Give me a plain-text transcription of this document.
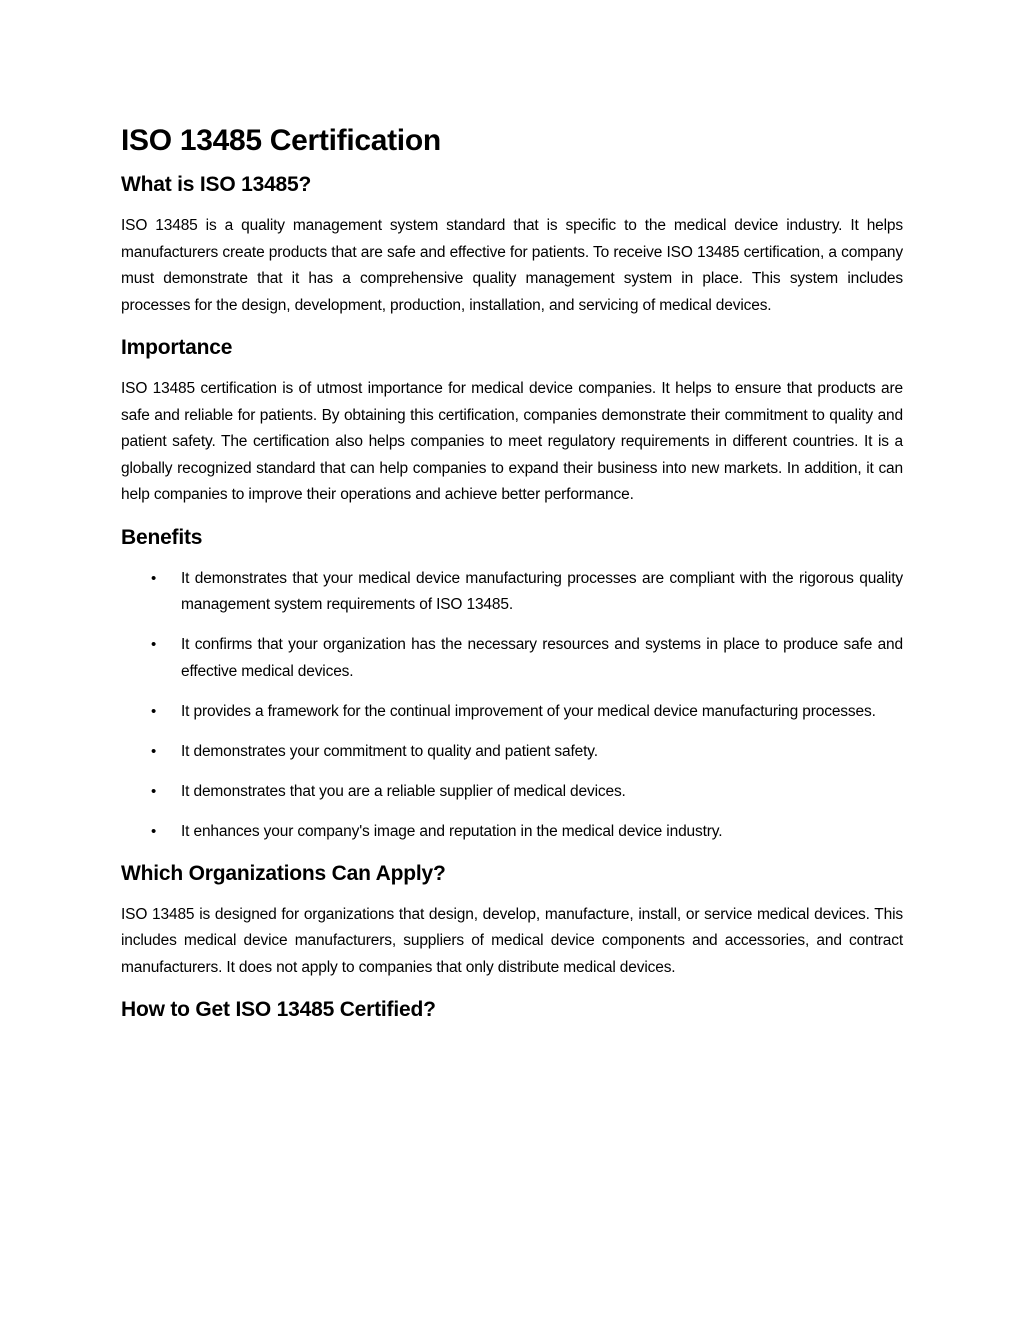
ISO 13485 Certification
What is ISO 13485?

ISO 13485 is a quality management system standard that is specific to the medical device industry. It helps manufacturers create products that are safe and effective for patients. To receive ISO 13485 certification, a company must demonstrate that it has a comprehensive quality management system in place. This system includes processes for the design, development, production, installation, and servicing of medical devices.

Importance

ISO 13485 certification is of utmost importance for medical device companies. It helps to ensure that products are safe and reliable for patients. By obtaining this certification, companies demonstrate their commitment to quality and patient safety. The certification also helps companies to meet regulatory requirements in different countries. It is a globally recognized standard that can help companies to expand their business into new markets. In addition, it can help companies to improve their operations and achieve better performance.

Benefits
• It demonstrates that your medical device manufacturing processes are compliant with the rigorous quality management system requirements of ISO 13485.
• It confirms that your organization has the necessary resources and systems in place to produce safe and effective medical devices.
• It provides a framework for the continual improvement of your medical device manufacturing processes.
• It demonstrates your commitment to quality and patient safety.
• It demonstrates that you are a reliable supplier of medical devices.
• It enhances your company's image and reputation in the medical device industry.
Which Organizations Can Apply?

ISO 13485 is designed for organizations that design, develop, manufacture, install, or service medical devices. This includes medical device manufacturers, suppliers of medical device components and accessories, and contract manufacturers. It does not apply to companies that only distribute medical devices.

How to Get ISO 13485 Certified?
